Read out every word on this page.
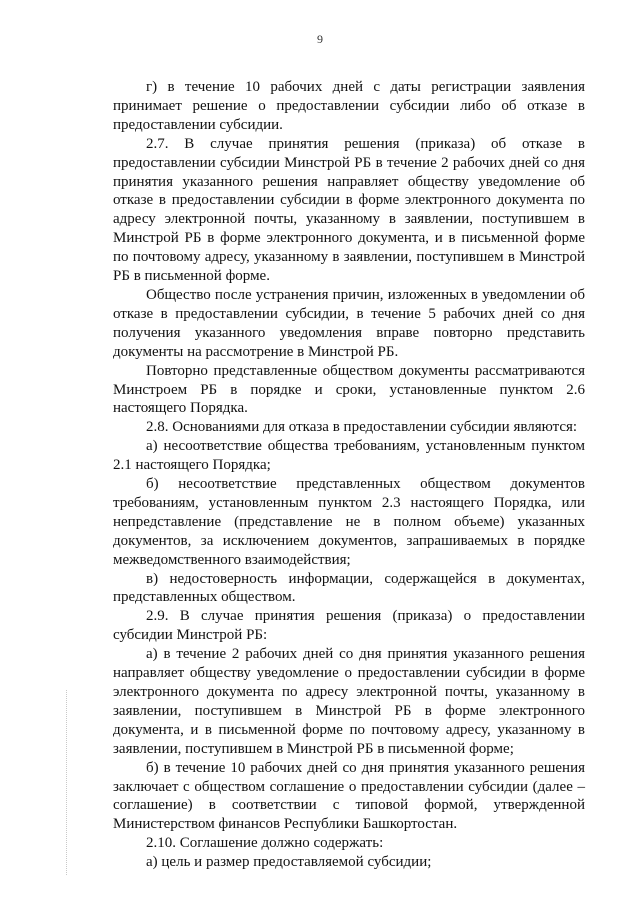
9

г) в течение 10 рабочих дней с даты регистрации заявления принимает решение о предоставлении субсидии либо об отказе в предоставлении субсидии.

2.7. В случае принятия решения (приказа) об отказе в предоставлении субсидии Минстрой РБ в течение 2 рабочих дней со дня принятия указанного решения направляет обществу уведомление об отказе в предоставлении субсидии в форме электронного документа по адресу электронной почты, указанному в заявлении, поступившем в Минстрой РБ в форме электронного документа, и в письменной форме по почтовому адресу, указанному в заявлении, поступившем в Минстрой РБ в письменной форме.

Общество после устранения причин, изложенных в уведомлении об отказе в предоставлении субсидии, в течение 5 рабочих дней со дня получения указанного уведомления вправе повторно представить документы на рассмотрение в Минстрой РБ.

Повторно представленные обществом документы рассматриваются Минстроем РБ в порядке и сроки, установленные пунктом 2.6 настоящего Порядка.

2.8. Основаниями для отказа в предоставлении субсидии являются:

а) несоответствие общества требованиям, установленным пунктом 2.1 настоящего Порядка;

б) несоответствие представленных обществом документов требованиям, установленным пунктом 2.3 настоящего Порядка, или непредставление (представление не в полном объеме) указанных документов, за исключением документов, запрашиваемых в порядке межведомственного взаимодействия;

в) недостоверность информации, содержащейся в документах, представленных обществом.

2.9. В случае принятия решения (приказа) о предоставлении субсидии Минстрой РБ:

а) в течение 2 рабочих дней со дня принятия указанного решения направляет обществу уведомление о предоставлении субсидии в форме электронного документа по адресу электронной почты, указанному в заявлении, поступившем в Минстрой РБ в форме электронного документа, и в письменной форме по почтовому адресу, указанному в заявлении, поступившем в Минстрой РБ в письменной форме;

б) в течение 10 рабочих дней со дня принятия указанного решения заключает с обществом соглашение о предоставлении субсидии (далее – соглашение) в соответствии с типовой формой, утвержденной Министерством финансов Республики Башкортостан.

2.10. Соглашение должно содержать:

а) цель и размер предоставляемой субсидии;
